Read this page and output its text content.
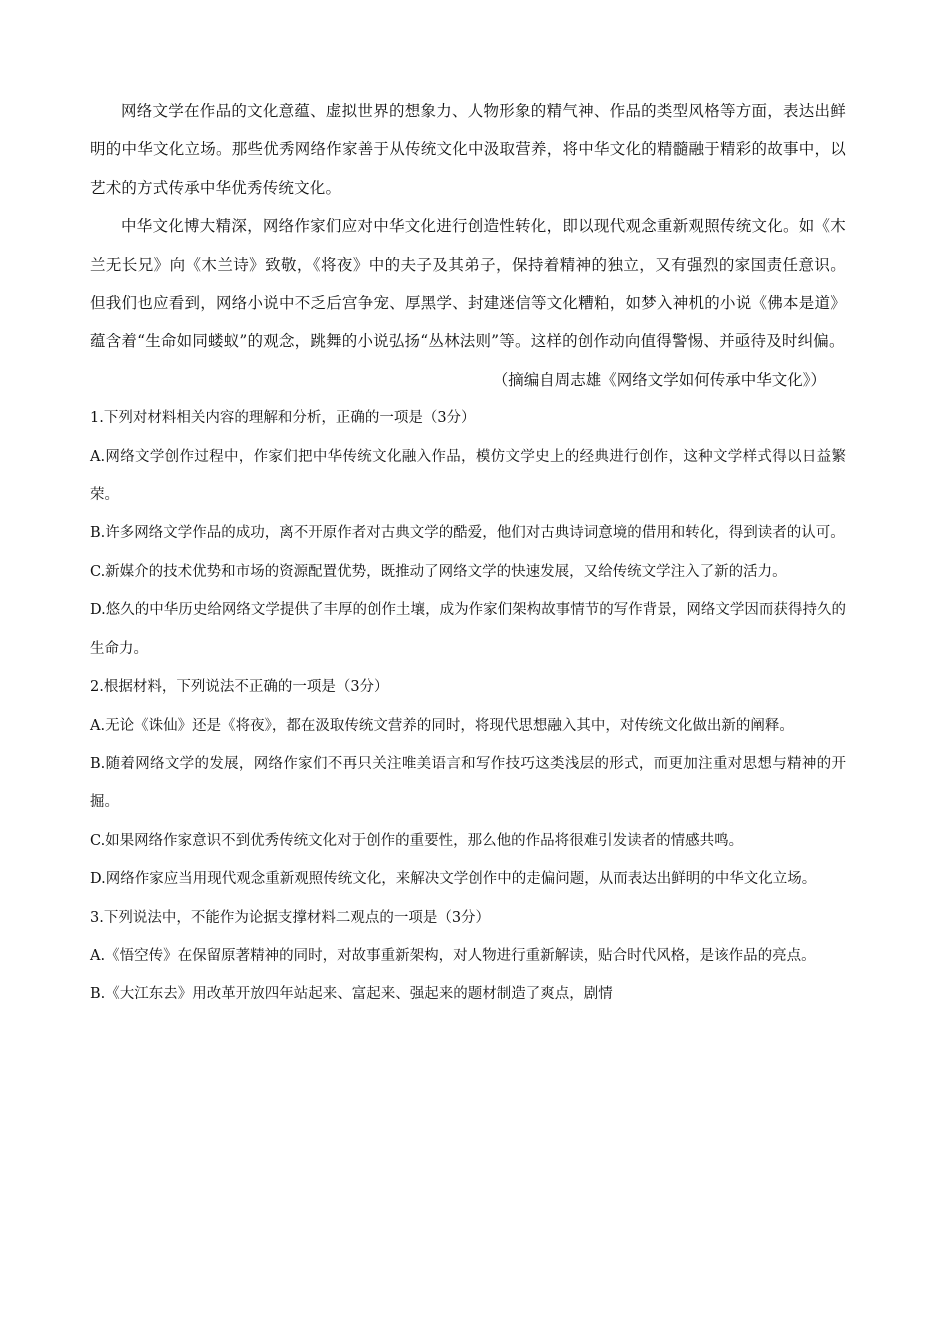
网络文学在作品的文化意蕴、虚拟世界的想象力、人物形象的精气神、作品的类型风格等方面，表达出鲜明的中华文化立场。那些优秀网络作家善于从传统文化中汲取营养，将中华文化的精髓融于精彩的故事中，以艺术的方式传承中华优秀传统文化。

中华文化博大精深，网络作家们应对中华文化进行创造性转化，即以现代观念重新观照传统文化。如《木兰无长兄》向《木兰诗》致敬，《将夜》中的夫子及其弟子，保持着精神的独立，又有强烈的家国责任意识。但我们也应看到，网络小说中不乏后宫争宠、厚黑学、封建迷信等文化糟粕，如梦入神机的小说《佛本是道》蕴含着“生命如同蝼蚁”的观念，跳舞的小说弘扬“丛林法则”等。这样的创作动向值得警惕、并亟待及时纠偏。

（摘编自周志雄《网络文学如何传承中华文化》）

1.下列对材料相关内容的理解和分析，正确的一项是（3分）

A.网络文学创作过程中，作家们把中华传统文化融入作品，模仿文学史上的经典进行创作，这种文学样式得以日益繁荣。

B.许多网络文学作品的成功，离不开原作者对古典文学的酷爱，他们对古典诗词意境的借用和转化，得到读者的认可。

C.新媒介的技术优势和市场的资源配置优势，既推动了网络文学的快速发展，又给传统文学注入了新的活力。

D.悠久的中华历史给网络文学提供了丰厚的创作土壤，成为作家们架构故事情节的写作背景，网络文学因而获得持久的生命力。

2.根据材料，下列说法不正确的一项是（3分）

A.无论《诛仙》还是《将夜》，都在汲取传统文营养的同时，将现代思想融入其中，对传统文化做出新的阐释。

B.随着网络文学的发展，网络作家们不再只关注唯美语言和写作技巧这类浅层的形式，而更加注重对思想与精神的开掘。

C.如果网络作家意识不到优秀传统文化对于创作的重要性，那么他的作品将很难引发读者的情感共鸣。

D.网络作家应当用现代观念重新观照传统文化，来解决文学创作中的走偏问题，从而表达出鲜明的中华文化立场。

3.下列说法中，不能作为论据支撑材料二观点的一项是（3分）

A.《悟空传》在保留原著精神的同时，对故事重新架构，对人物进行重新解读，贴合时代风格，是该作品的亮点。

B.《大江东去》用改革开放四年站起来、富起来、强起来的题材制造了爽点，剧情
